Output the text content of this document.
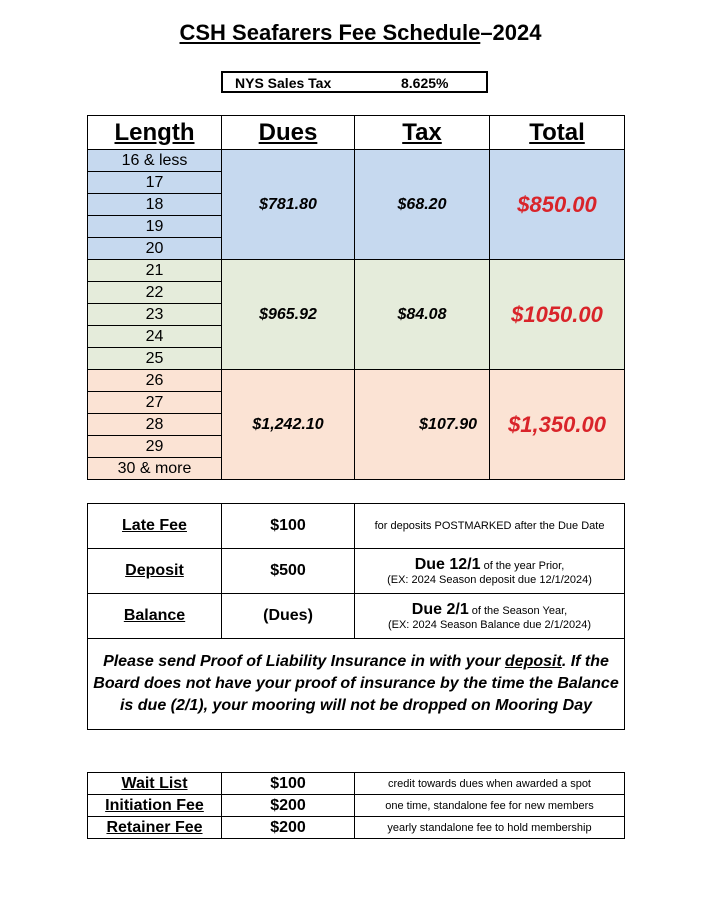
CSH Seafarers Fee Schedule–2024
NYS Sales Tax	8.625%
Length	Dues	Tax	Total
16 & less	$781.80	$68.20	$850.00
17			
18			
19			
20			
21	$965.92	$84.08	$1050.00
22			
23			
24			
25			
26	$1,242.10	$107.90	$1,350.00
27			
28			
29			
30 & more			
Late Fee	$100	for deposits POSTMARKED after the Due Date
Deposit	$500	Due 12/1 of the year Prior,
(EX: 2024 Season deposit due 12/1/2024)

Balance	(Dues)	Due 2/1 of the Season Year,
(EX: 2024 Season Balance due 2/1/2024)

Please send Proof of Liability Insurance in with your deposit. If the Board does not have your proof of insurance by the time the Balance is due (2/1), your mooring will not be dropped on Mooring Day		
Wait List	$100	credit towards dues when awarded a spot
Initiation Fee	$200	one time, standalone fee for new members
Retainer Fee	$200	yearly standalone fee to hold membership
